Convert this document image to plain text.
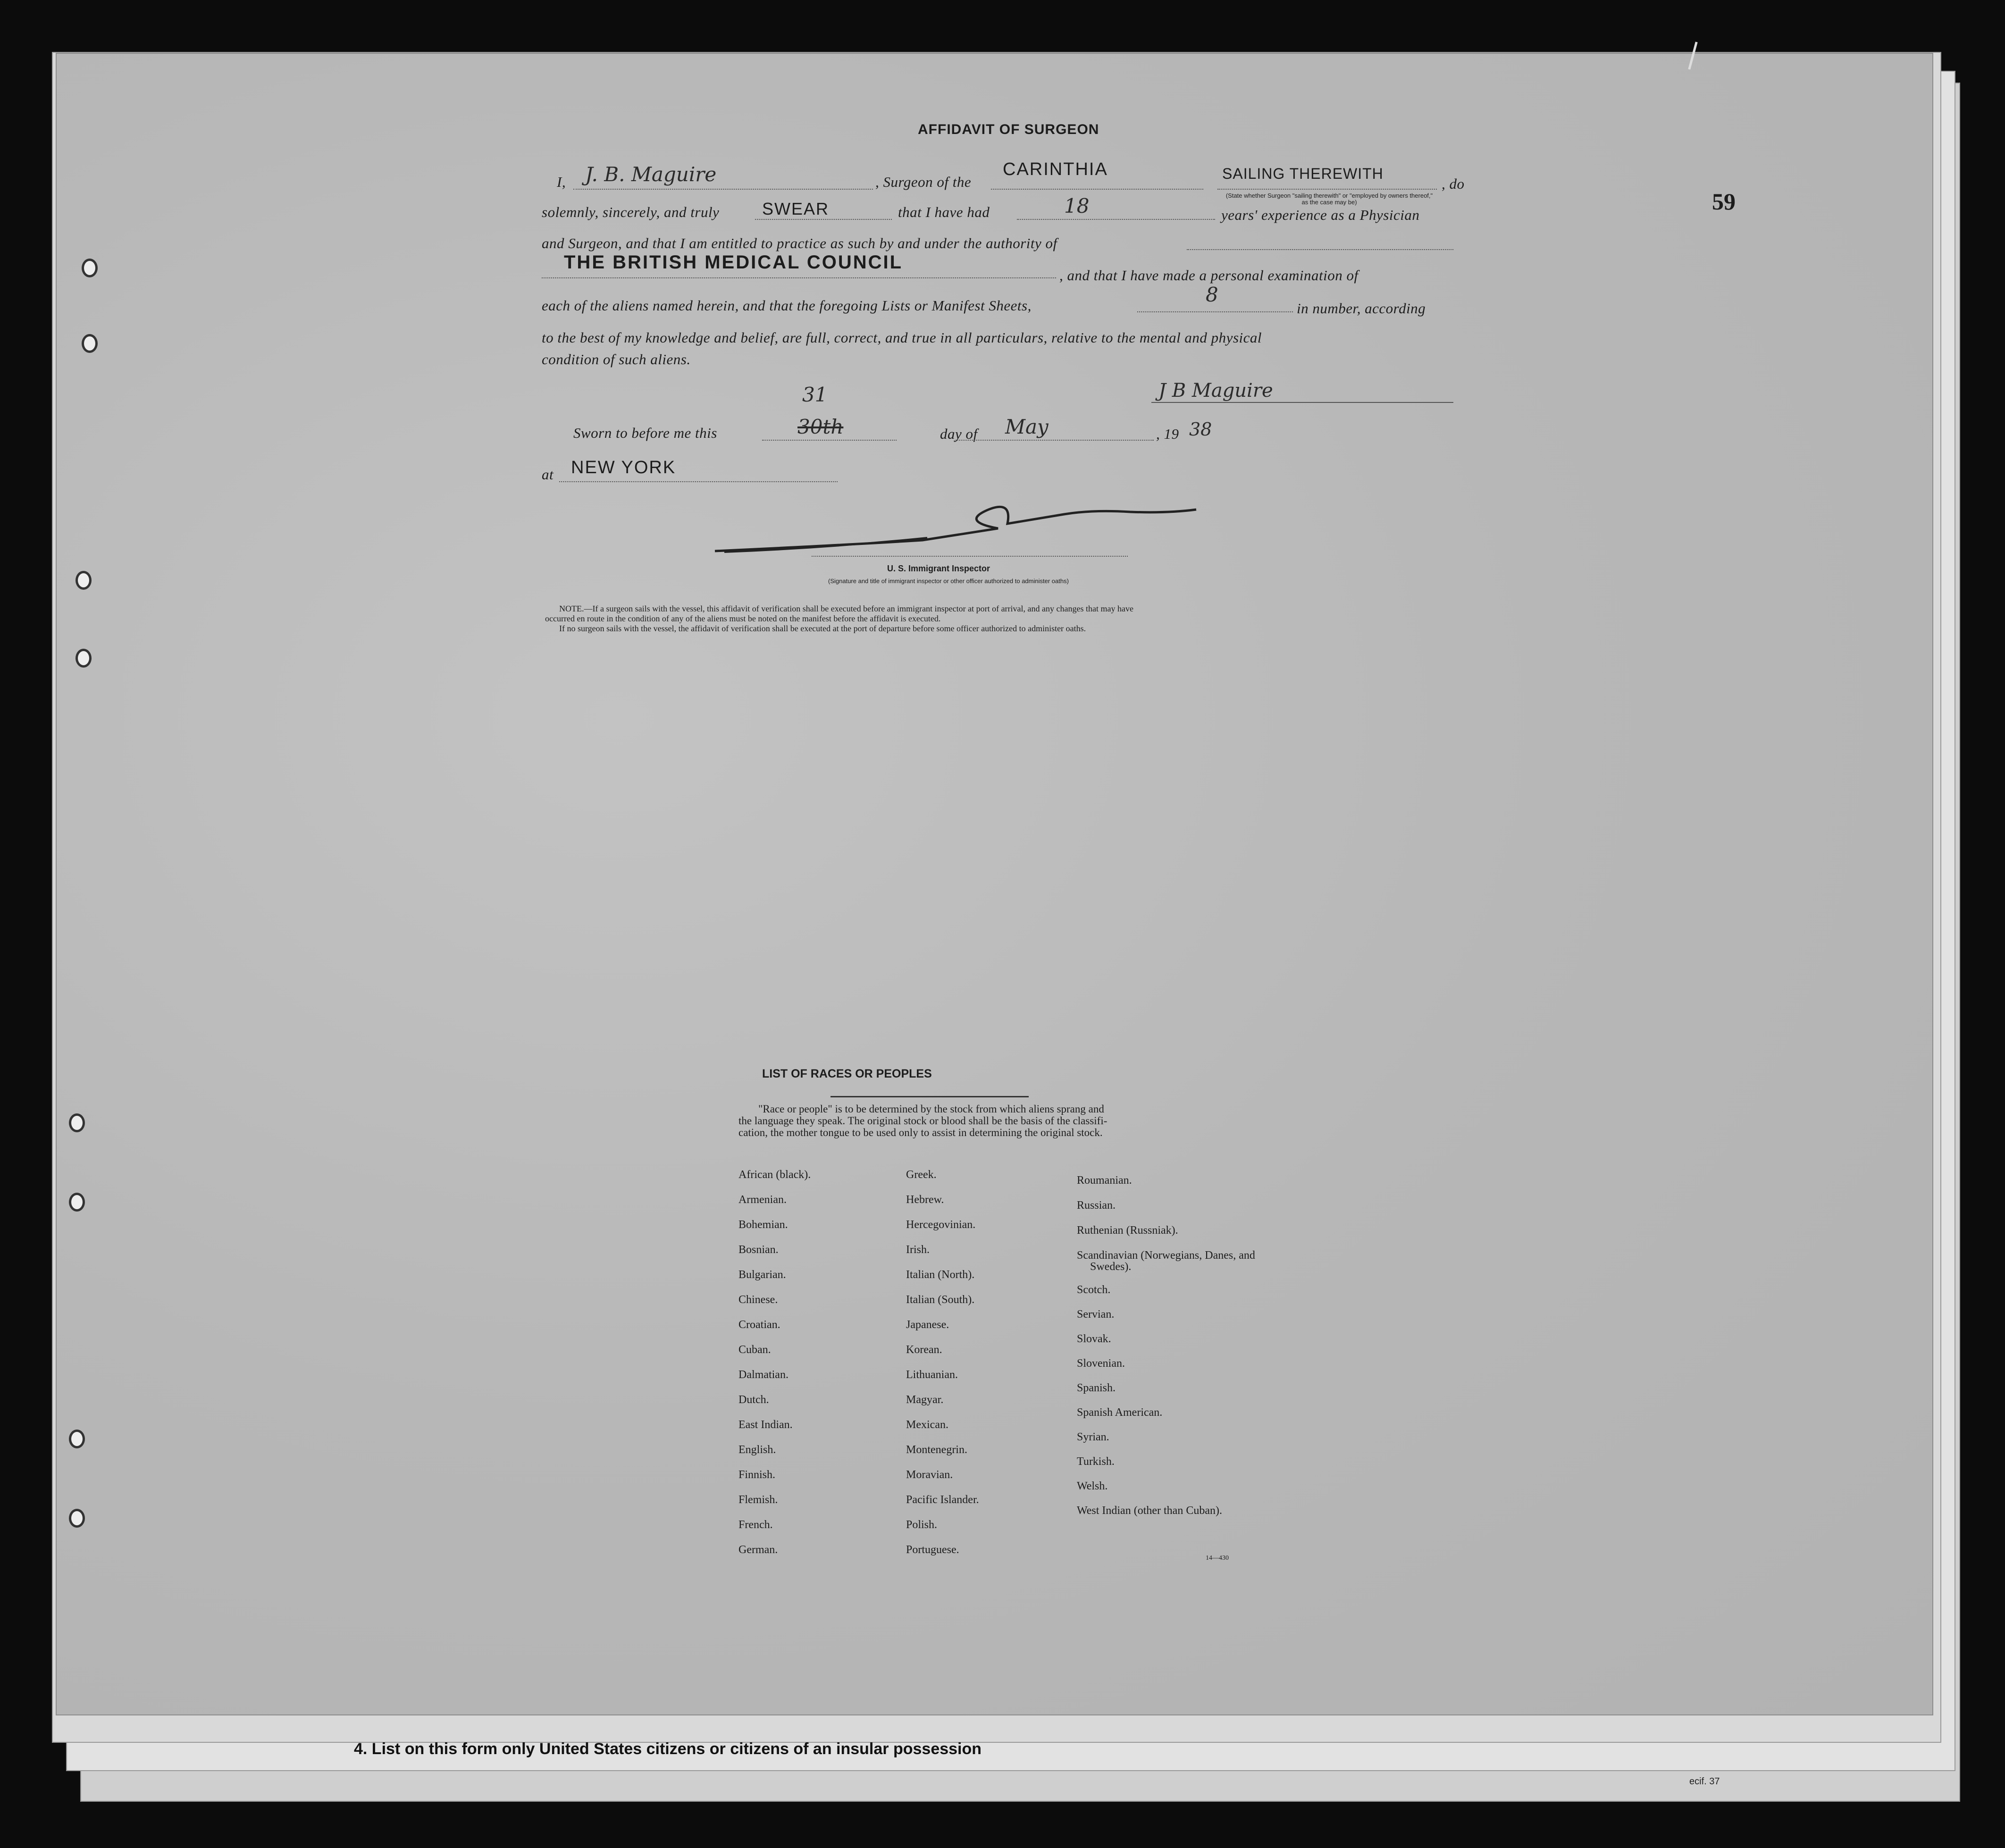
4. List on this form only United States citizens or citizens of an insular possession
ecif. 37
59
AFFIDAVIT OF SURGEON
I, J. B. Maguire	, Surgeon of the
CARINTHIA	SAILING THEREWITH
, do
(State whether Surgeon "sailing therewith" or "employed by owners thereof," as the case may be)
solemnly, sincerely, and truly	SWEAR	that I have had	18	years' experience as a Physician
and Surgeon, and that I am entitled to practice as such by and under the authority of
THE BRITISH MEDICAL COUNCIL
, and that I have made a personal examination of
each of the aliens named herein, and that the foregoing Lists or Manifest Sheets,	8
in number, according
to the best of my knowledge and belief, are full, correct, and true in all particulars, relative to the mental and physical
condition of such aliens.
J B Maguire
Sworn to before me this	30th
31
day of May	, 19 38
at NEW YORK
U. S. Immigrant Inspector
(Signature and title of immigrant inspector or other officer authorized to administer oaths)
NOTE.—If a surgeon sails with the vessel, this affidavit of verification shall be executed before an immigrant inspector at port of arrival, and any changes that may have
occurred en route in the condition of any of the aliens must be noted on the manifest before the affidavit is executed.
If no surgeon sails with the vessel, the affidavit of verification shall be executed at the port of departure before some officer authorized to administer oaths.
LIST OF RACES OR PEOPLES
"Race or people" is to be determined by the stock from which aliens sprang and
the language they speak. The original stock or blood shall be the basis of the classifi-
cation, the mother tongue to be used only to assist in determining the original stock.
African (black).
Armenian.
Bohemian.
Bosnian.
Bulgarian.
Chinese.
Croatian.
Cuban.
Dalmatian.
Dutch.
East Indian.
English.
Finnish.
Flemish.
French.
German.
Greek.
Hebrew.
Hercegovinian.
Irish.
Italian (North).
Italian (South).
Japanese.
Korean.
Lithuanian.
Magyar.
Mexican.
Montenegrin.
Moravian.
Pacific Islander.
Polish.
Portuguese.
Roumanian.
Russian.
Ruthenian (Russniak).
Scandinavian (Norwegians, Danes, and Swedes).
Scotch.
Servian.
Slovak.
Slovenian.
Spanish.
Spanish American.
Syrian.
Turkish.
Welsh.
West Indian (other than Cuban).
14—430
